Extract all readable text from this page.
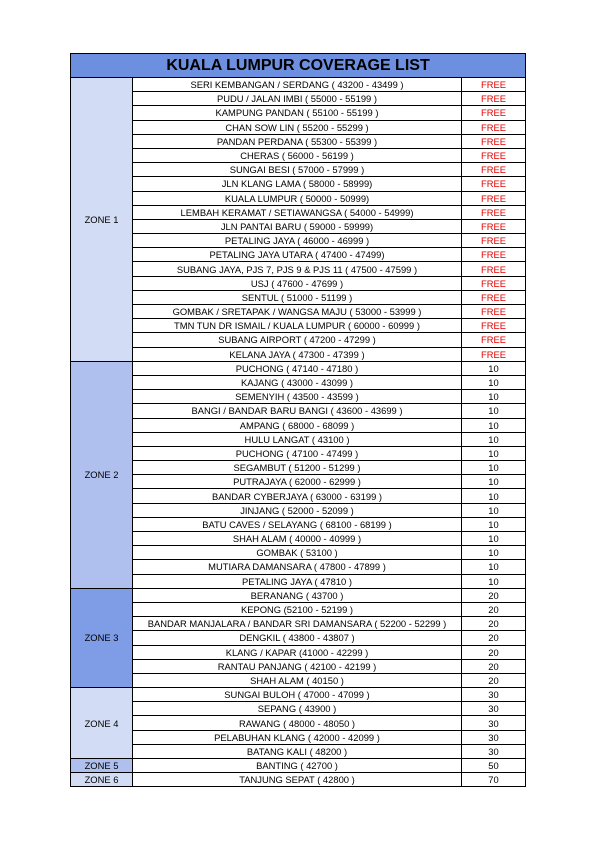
KUALA LUMPUR COVERAGE LIST		
ZONE 1	SERI KEMBANGAN / SERDANG ( 43200 - 43499 )	FREE
	PUDU / JALAN IMBI ( 55000 - 55199 )	FREE
	KAMPUNG PANDAN ( 55100 - 55199 )	FREE
	CHAN SOW LIN ( 55200 - 55299 )	FREE
	PANDAN PERDANA ( 55300 - 55399 )	FREE
	CHERAS ( 56000 - 56199 )	FREE
	SUNGAI BESI ( 57000 - 57999 )	FREE
	JLN KLANG LAMA ( 58000 - 58999)	FREE
	KUALA LUMPUR ( 50000 - 50999)	FREE
	LEMBAH KERAMAT / SETIAWANGSA ( 54000 - 54999)	FREE
	JLN PANTAI BARU ( 59000 - 59999)	FREE
	PETALING JAYA ( 46000 - 46999 )	FREE
	PETALING JAYA UTARA ( 47400 - 47499)	FREE
	SUBANG JAYA, PJS 7, PJS 9 & PJS 11 ( 47500 - 47599 )	FREE
	USJ ( 47600 - 47699 )	FREE
	SENTUL ( 51000 - 51199 )	FREE
	GOMBAK / SRETAPAK / WANGSA MAJU ( 53000 - 53999 )	FREE
	TMN TUN DR ISMAIL / KUALA LUMPUR ( 60000 - 60999 )	FREE
	SUBANG AIRPORT ( 47200 - 47299 )	FREE
	KELANA JAYA ( 47300 - 47399 )	FREE
ZONE 2	PUCHONG ( 47140 - 47180 )	10
	KAJANG ( 43000 - 43099 )	10
	SEMENYIH ( 43500 - 43599 )	10
	BANGI / BANDAR BARU BANGI ( 43600 - 43699 )	10
	AMPANG ( 68000 - 68099 )	10
	HULU LANGAT ( 43100 )	10
	PUCHONG ( 47100 - 47499 )	10
	SEGAMBUT ( 51200 - 51299 )	10
	PUTRAJAYA ( 62000 - 62999 )	10
	BANDAR CYBERJAYA ( 63000 - 63199 )	10
	JINJANG ( 52000 - 52099 )	10
	BATU CAVES / SELAYANG ( 68100 - 68199 )	10
	SHAH ALAM ( 40000 - 40999 )	10
	GOMBAK ( 53100 )	10
	MUTIARA DAMANSARA ( 47800 - 47899 )	10
	PETALING JAYA ( 47810 )	10
ZONE 3	BERANANG ( 43700 )	20
	KEPONG (52100 - 52199 )	20
	BANDAR MANJALARA / BANDAR SRI DAMANSARA ( 52200 - 52299 )	20
	DENGKIL ( 43800 - 43807 )	20
	KLANG / KAPAR (41000 - 42299 )	20
	RANTAU PANJANG ( 42100 - 42199 )	20
	SHAH ALAM ( 40150 )	20
ZONE 4	SUNGAI BULOH ( 47000 - 47099 )	30
	SEPANG ( 43900 )	30
	RAWANG ( 48000 - 48050 )	30
	PELABUHAN KLANG ( 42000 - 42099 )	30
	BATANG KALI ( 48200 )	30
ZONE 5	BANTING ( 42700 )	50
ZONE 6	TANJUNG SEPAT ( 42800 )	70
